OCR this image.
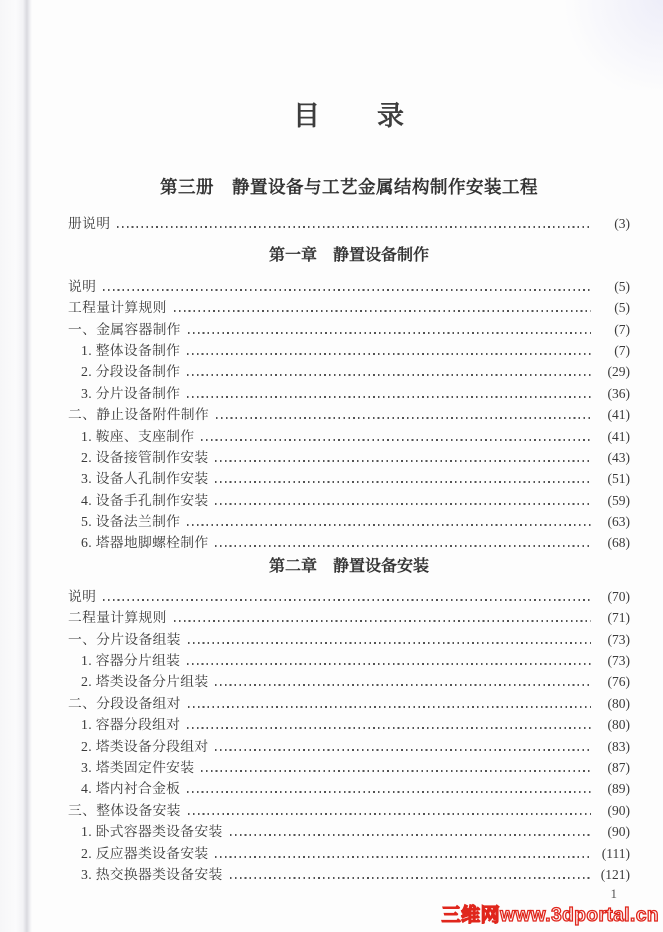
目　　录
第三册　静置设备与工艺金属结构制作安装工程
册说明	(3)
第一章　静置设备制作
说明	(5)
工程量计算规则	(5)
一、金属容器制作	(7)
1. 整体设备制作	(7)
2. 分段设备制作	(29)
3. 分片设备制作	(36)
二、静止设备附件制作	(41)
1. 鞍座、支座制作	(41)
2. 设备接管制作安装	(43)
3. 设备人孔制作安装	(51)
4. 设备手孔制作安装	(59)
5. 设备法兰制作	(63)
6. 塔器地脚螺栓制作	(68)
第二章　静置设备安装
说明	(70)
二程量计算规则	(71)
一、分片设备组装	(73)
1. 容器分片组装	(73)
2. 塔类设备分片组装	(76)
二、分段设备组对	(80)
1. 容器分段组对	(80)
2. 塔类设备分段组对	(83)
3. 塔类固定件安装	(87)
4. 塔内衬合金板	(89)
三、整体设备安装	(90)
1. 卧式容器类设备安装	(90)
2. 反应器类设备安装	(111)
3. 热交换器类设备安装	(121)
1
三维网www.3dportal.cn
